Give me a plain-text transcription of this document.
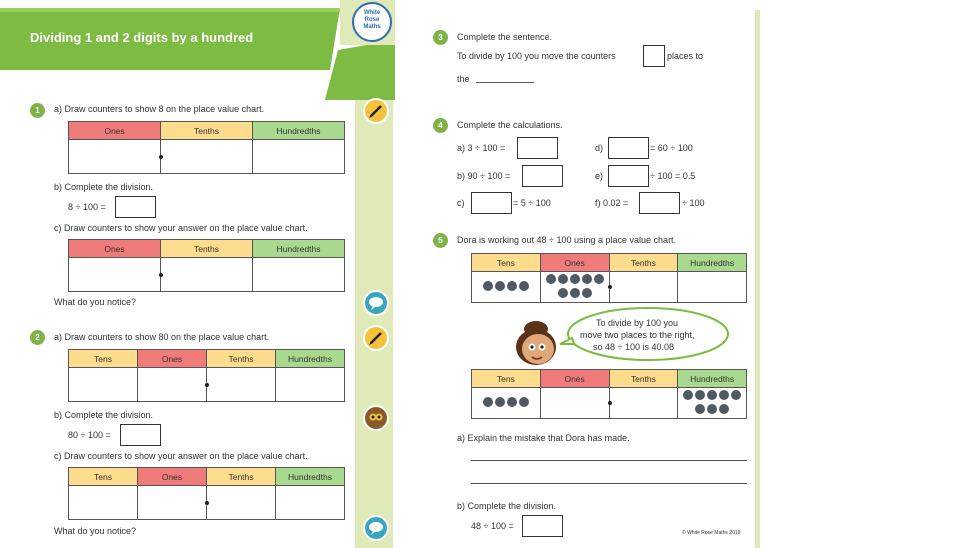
Dividing 1 and 2 digits by a hundred
White
Rose
Maths
1	a) Draw counters to show 8 on the place value chart.
Ones	Tenths	Hundredths

b) Complete the division.
8 ÷ 100 =
c) Draw counters to show your answer on the place value chart.
Ones	Tenths	Hundredths

What do you notice?
2	a) Draw counters to show 80 on the place value chart.
Tens	Ones	Tenths	Hundredths

b) Complete the division.
80 ÷ 100 =
c) Draw counters to show your answer on the place value chart.
Tens	Ones	Tenths	Hundredths

What do you notice?
3	Complete the sentence.
To divide by 100 you move the counters	places to
the
4	Complete the calculations.
a) 3 ÷ 100 =	d)	= 60 ÷ 100
b) 90 ÷ 100 =	e)	÷ 100 = 0.5
c)	= 5 ÷ 100	f) 0.02 =	÷ 100
5	Dora is working out 48 ÷ 100 using a place value chart.
Tens	Ones	Tenths	Hundredths

To divide by 100 you
move two places to the right,
so 48 ÷ 100 is 40.08
Tens	Ones	Tenths	Hundredths

a) Explain the mistake that Dora has made.
b) Complete the division.
48 ÷ 100 =
© White Rose Maths 2019
